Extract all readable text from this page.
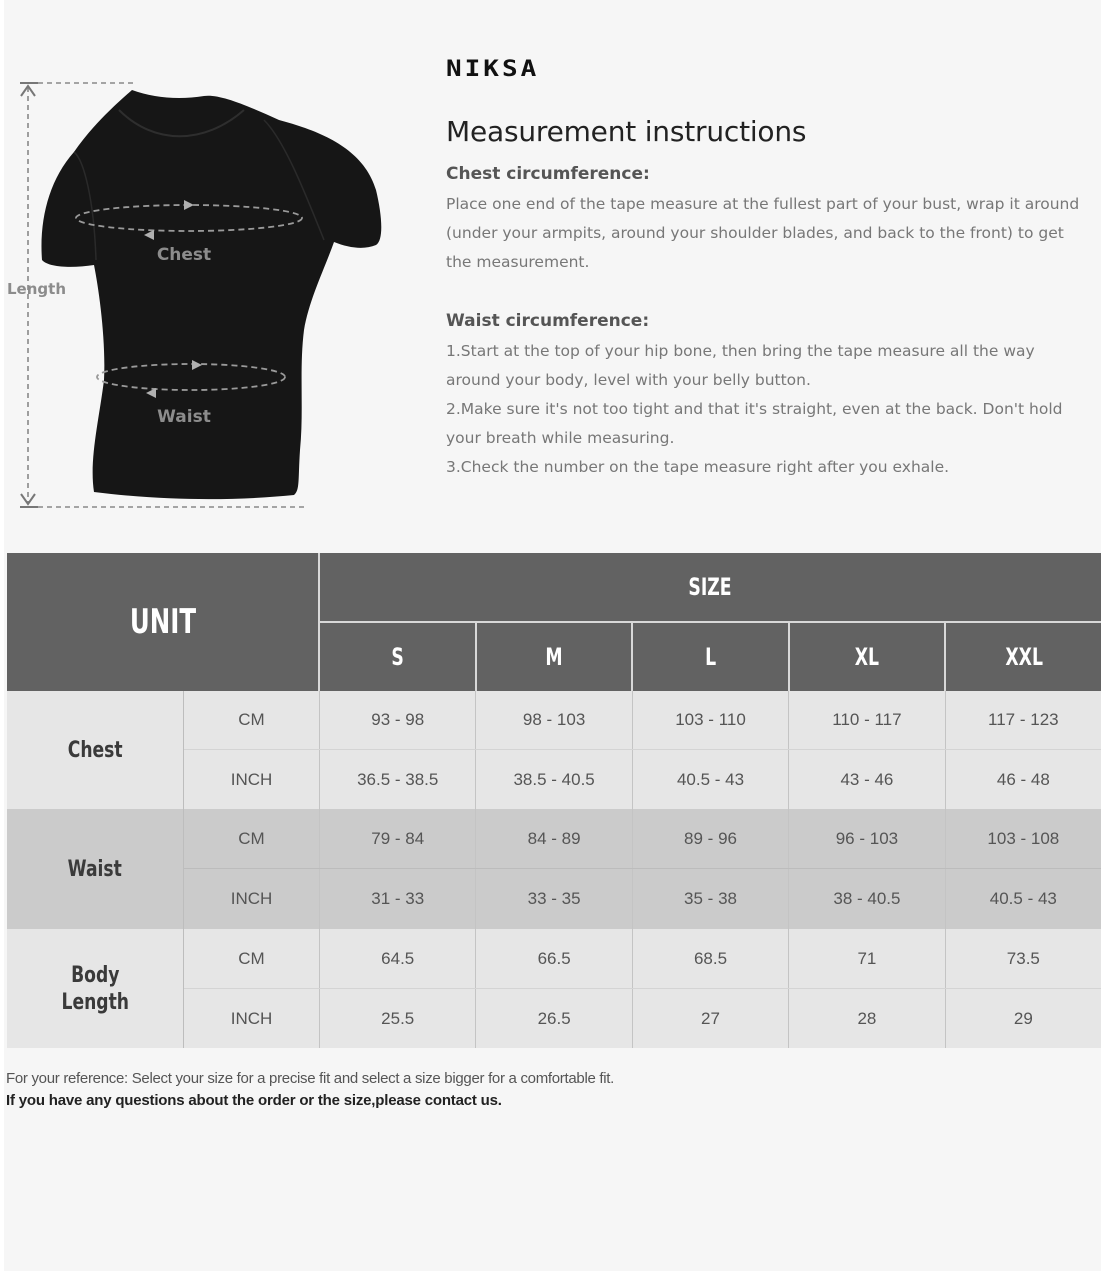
Chest
Waist
Length
NIKSA
Measurement instructions
Chest circumference:

Place one end of the tape measure at the fullest part of your bust, wrap it around (under your armpits, around your shoulder blades, and back to the front) to get the measurement.

Waist circumference:

1.Start at the top of your hip bone, then bring the tape measure all the way around your body, level with your belly button.

2.Make sure it's not too tight and that it's straight, even at the back. Don't hold your breath while measuring.

3.Check the number on the tape measure right after you exhale.

UNIT
SIZE
S	M	L	XL	XXL
Chest
CM	93 - 98	98 - 103	103 - 110	110 - 117	117 - 123
INCH	36.5 - 38.5	38.5 - 40.5	40.5 - 43	43 - 46	46 - 48
Waist
CM	79 - 84	84 - 89	89 - 96	96 - 103	103 - 108
INCH	31 - 33	33 - 35	35 - 38	38 - 40.5	40.5 - 43
Body
Length
CM	64.5	66.5	68.5	71	73.5
INCH	25.5	26.5	27	28	29
For your reference: Select your size for a precise fit and select a size bigger for a comfortable fit.
If you have any questions about the order or the size,please contact us.
